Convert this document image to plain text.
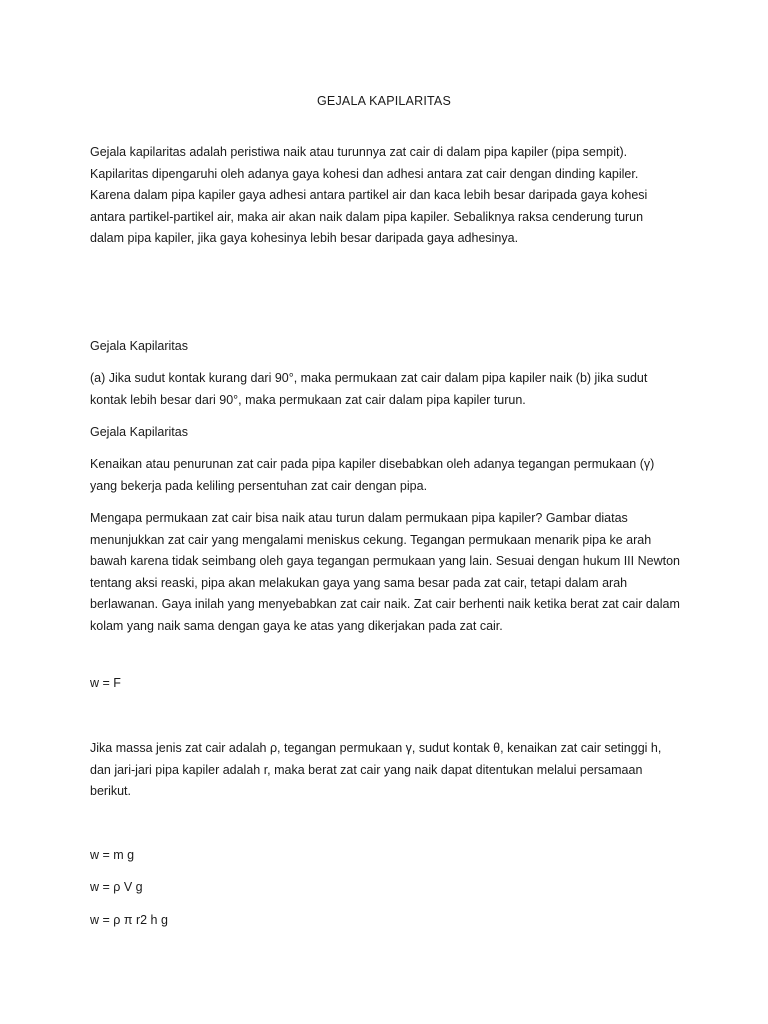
GEJALA KAPILARITAS

Gejala kapilaritas adalah peristiwa naik atau turunnya zat cair di dalam pipa kapiler (pipa sempit). Kapilaritas dipengaruhi oleh adanya gaya kohesi dan adhesi antara zat cair dengan dinding kapiler. Karena dalam pipa kapiler gaya adhesi antara partikel air dan kaca lebih besar daripada gaya kohesi antara partikel-partikel air, maka air akan naik dalam pipa kapiler. Sebaliknya raksa cenderung turun dalam pipa kapiler, jika gaya kohesinya lebih besar daripada gaya adhesinya.

Gejala Kapilaritas

(a) Jika sudut kontak kurang dari 90°, maka permukaan zat cair dalam pipa kapiler naik (b) jika sudut kontak lebih besar dari 90°, maka permukaan zat cair dalam pipa kapiler turun.

Gejala Kapilaritas

Kenaikan atau penurunan zat cair pada pipa kapiler disebabkan oleh adanya tegangan permukaan (γ) yang bekerja pada keliling persentuhan zat cair dengan pipa.

Mengapa permukaan zat cair bisa naik atau turun dalam permukaan pipa kapiler? Gambar diatas menunjukkan zat cair yang mengalami meniskus cekung. Tegangan permukaan menarik pipa ke arah bawah karena tidak seimbang oleh gaya tegangan permukaan yang lain. Sesuai dengan hukum III Newton tentang aksi reaski, pipa akan melakukan gaya yang sama besar pada zat cair, tetapi dalam arah berlawanan. Gaya inilah yang menyebabkan zat cair naik. Zat cair berhenti naik ketika berat zat cair dalam kolam yang naik sama dengan gaya ke atas yang dikerjakan pada zat cair.

w = F

Jika massa jenis zat cair adalah ρ, tegangan permukaan γ, sudut kontak θ, kenaikan zat cair setinggi h, dan jari-jari pipa kapiler adalah r, maka berat zat cair yang naik dapat ditentukan melalui persamaan berikut.

w = m g
w = ρ V g
w = ρ π r2 h g
